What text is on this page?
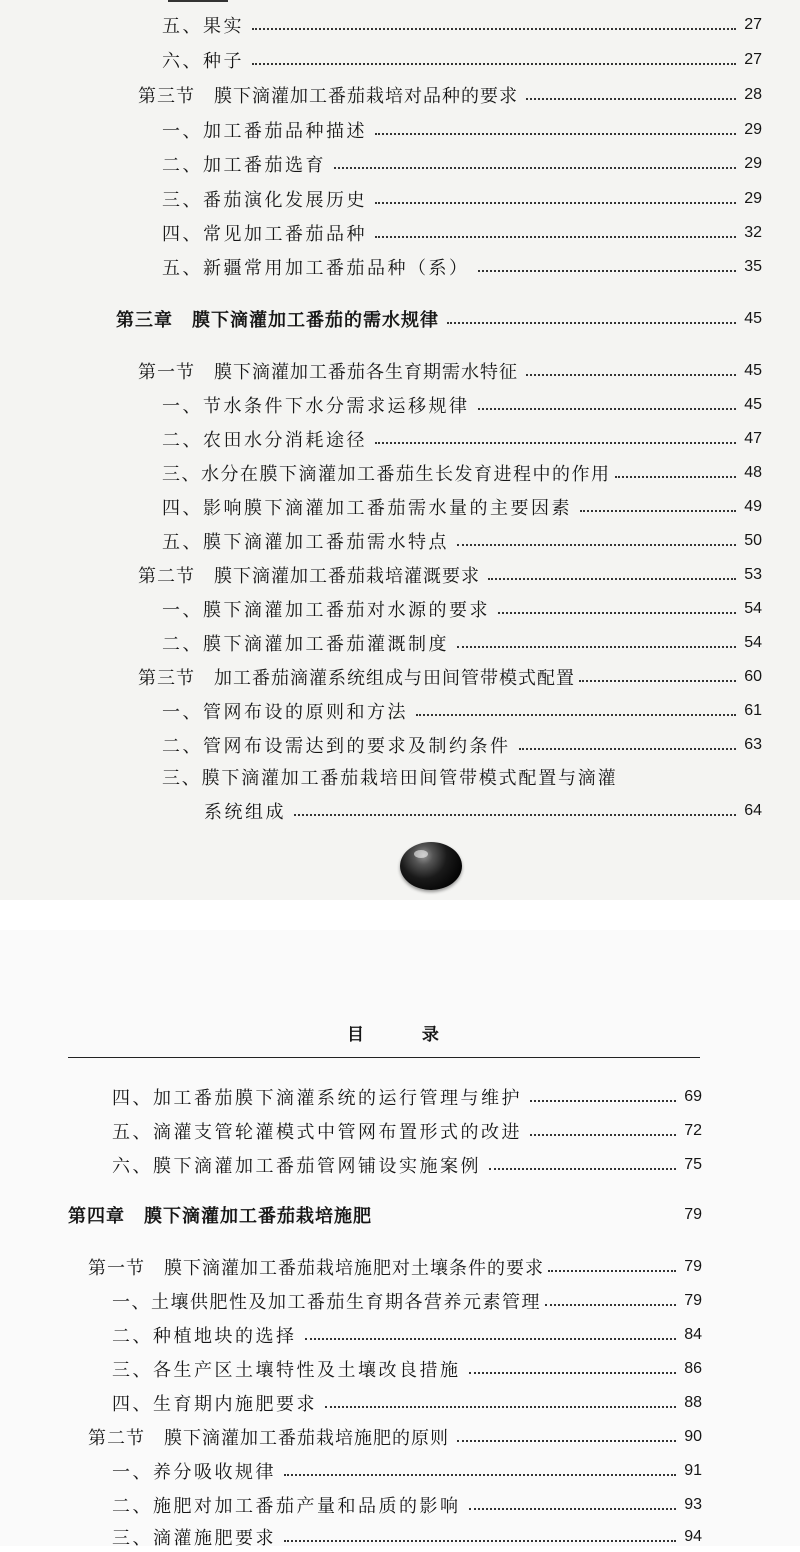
五、果实	27
六、种子	27
第三节　膜下滴灌加工番茄栽培对品种的要求	28
一、加工番茄品种描述	29
二、加工番茄选育	29
三、番茄演化发展历史	29
四、常见加工番茄品种	32
五、新疆常用加工番茄品种（系）	35
第三章　膜下滴灌加工番茄的需水规律	45
第一节　膜下滴灌加工番茄各生育期需水特征	45
一、节水条件下水分需求运移规律	45
二、农田水分消耗途径	47
三、水分在膜下滴灌加工番茄生长发育进程中的作用	48
四、影响膜下滴灌加工番茄需水量的主要因素	49
五、膜下滴灌加工番茄需水特点	50
第二节　膜下滴灌加工番茄栽培灌溉要求	53
一、膜下滴灌加工番茄对水源的要求	54
二、膜下滴灌加工番茄灌溉制度	54
第三节　加工番茄滴灌系统组成与田间管带模式配置	60
一、管网布设的原则和方法	61
二、管网布设需达到的要求及制约条件	63
三、膜下滴灌加工番茄栽培田间管带模式配置与滴灌
系统组成	64
目 录
四、加工番茄膜下滴灌系统的运行管理与维护	69
五、滴灌支管轮灌模式中管网布置形式的改进	72
六、膜下滴灌加工番茄管网铺设实施案例	75
第四章　膜下滴灌加工番茄栽培施肥	79
第一节　膜下滴灌加工番茄栽培施肥对土壤条件的要求	79
一、土壤供肥性及加工番茄生育期各营养元素管理	79
二、种植地块的选择	84
三、各生产区土壤特性及土壤改良措施	86
四、生育期内施肥要求	88
第二节　膜下滴灌加工番茄栽培施肥的原则	90
一、养分吸收规律	91
二、施肥对加工番茄产量和品质的影响	93
三、滴灌施肥要求	94
